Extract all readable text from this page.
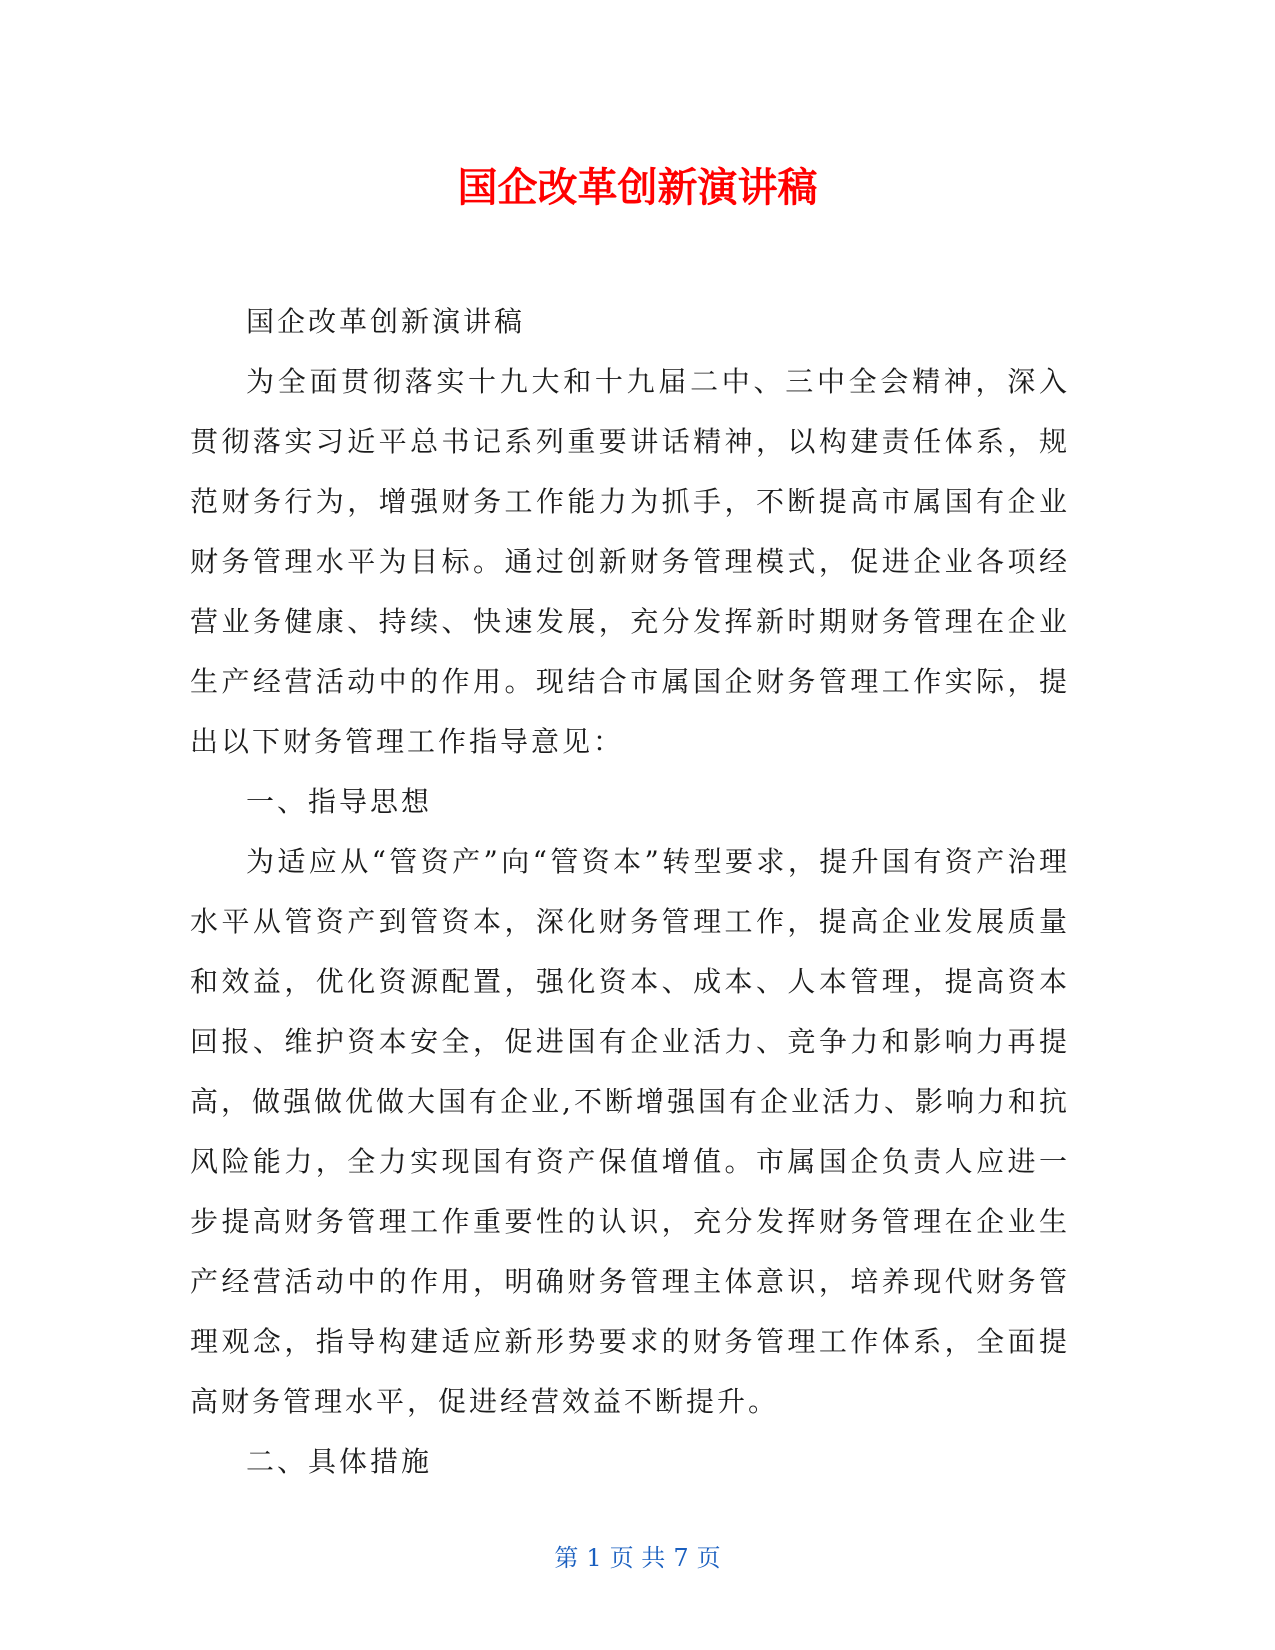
国企改革创新演讲稿

国企改革创新演讲稿

为全面贯彻落实十九大和十九届二中、三中全会精神，深入贯彻落实习近平总书记系列重要讲话精神，以构建责任体系，规范财务行为，增强财务工作能力为抓手，不断提高市属国有企业财务管理水平为目标。通过创新财务管理模式，促进企业各项经营业务健康、持续、快速发展，充分发挥新时期财务管理在企业生产经营活动中的作用。现结合市属国企财务管理工作实际，提出以下财务管理工作指导意见：

一、指导思想

为适应从“管资产”向“管资本”转型要求，提升国有资产治理水平从管资产到管资本，深化财务管理工作，提高企业发展质量和效益，优化资源配置，强化资本、成本、人本管理，提高资本回报、维护资本安全，促进国有企业活力、竞争力和影响力再提高，做强做优做大国有企业,不断增强国有企业活力、影响力和抗风险能力，全力实现国有资产保值增值。市属国企负责人应进一步提高财务管理工作重要性的认识，充分发挥财务管理在企业生产经营活动中的作用，明确财务管理主体意识，培养现代财务管理观念，指导构建适应新形势要求的财务管理工作体系，全面提高财务管理水平，促进经营效益不断提升。

二、具体措施

第 1 页 共 7 页
